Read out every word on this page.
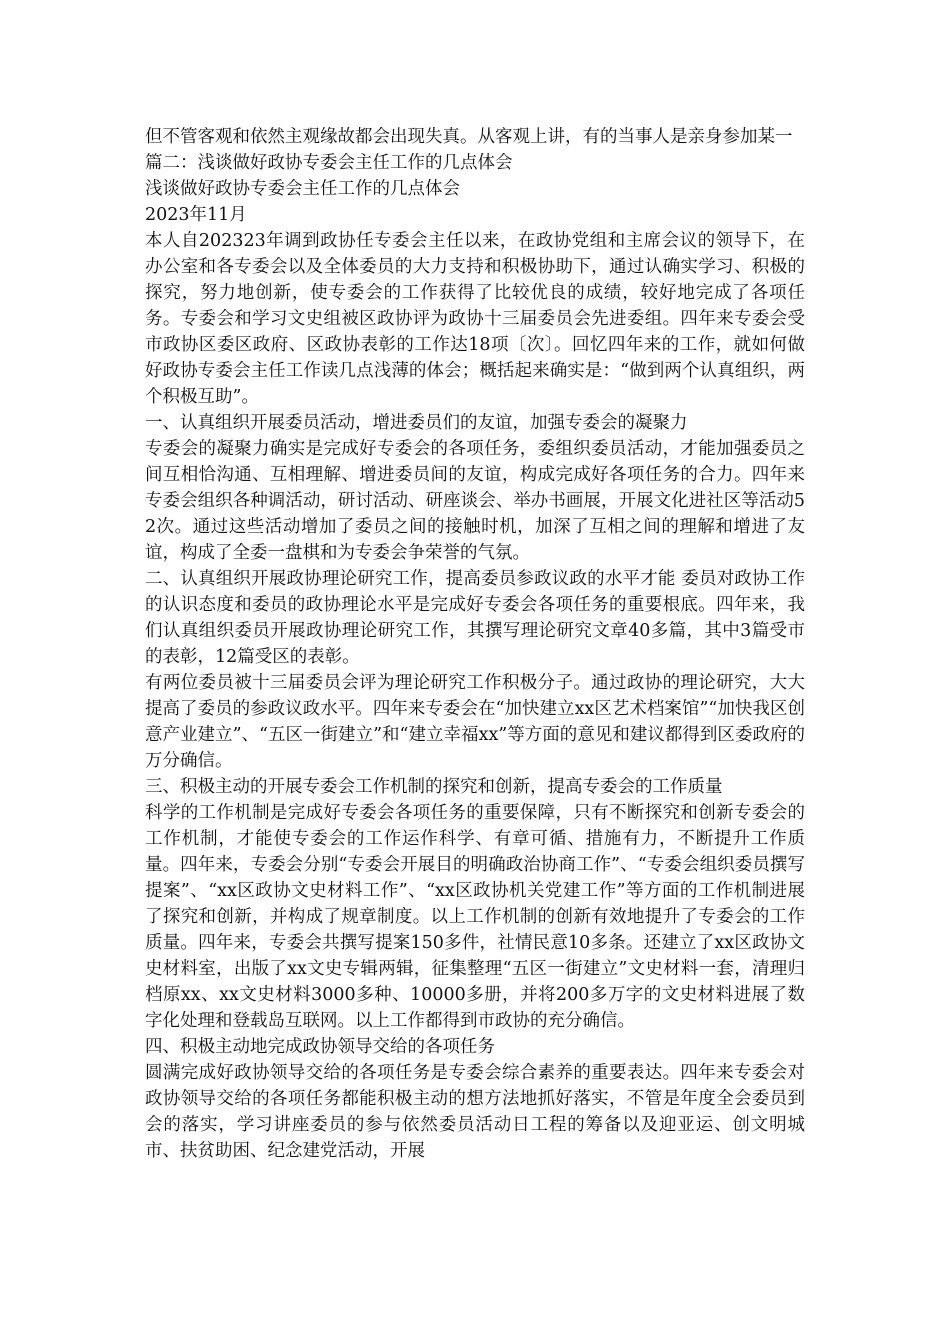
但不管客观和依然主观缘故都会出现失真。从客观上讲，有的当事人是亲身参加某一

篇二：浅谈做好政协专委会主任工作的几点体会

浅谈做好政协专委会主任工作的几点体会

2023年11月

本人自202323年调到政协任专委会主任以来，在政协党组和主席会议的领导下，在办公室和各专委会以及全体委员的大力支持和积极协助下，通过认确实学习、积极的探究，努力地创新，使专委会的工作获得了比较优良的成绩，较好地完成了各项任务。专委会和学习文史组被区政协评为政协十三届委员会先进委组。四年来专委会受市政协区委区政府、区政协表彰的工作达18项〔次〕。回忆四年来的工作，就如何做好政协专委会主任工作读几点浅薄的体会；概括起来确实是：“做到两个认真组织，两个积极互助”。

一、认真组织开展委员活动，增进委员们的友谊，加强专委会的凝聚力

专委会的凝聚力确实是完成好专委会的各项任务，委组织委员活动，才能加强委员之间互相恰沟通、互相理解、增进委员间的友谊，构成完成好各项任务的合力。四年来专委会组织各种调活动，研讨活动、研座谈会、举办书画展，开展文化进社区等活动52次。通过这些活动增加了委员之间的接触时机，加深了互相之间的理解和增进了友谊，构成了全委一盘棋和为专委会争荣誉的气氛。

二、认真组织开展政协理论研究工作，提高委员参政议政的水平才能 委员对政协工作的认识态度和委员的政协理论水平是完成好专委会各项任务的重要根底。四年来，我们认真组织委员开展政协理论研究工作，其撰写理论研究文章40多篇，其中3篇受市的表彰，12篇受区的表彰。

有两位委员被十三届委员会评为理论研究工作积极分子。通过政协的理论研究，大大提高了委员的参政议政水平。四年来专委会在“加快建立xx区艺术档案馆”“加快我区创意产业建立”、“五区一街建立”和“建立幸福xx”等方面的意见和建议都得到区委政府的万分确信。

三、积极主动的开展专委会工作机制的探究和创新，提高专委会的工作质量

科学的工作机制是完成好专委会各项任务的重要保障，只有不断探究和创新专委会的工作机制，才能使专委会的工作运作科学、有章可循、措施有力，不断提升工作质量。四年来，专委会分别“专委会开展目的明确政治协商工作”、“专委会组织委员撰写提案”、“xx区政协文史材料工作”、“xx区政协机关党建工作”等方面的工作机制进展了探究和创新，并构成了规章制度。以上工作机制的创新有效地提升了专委会的工作质量。四年来，专委会共撰写提案150多件，社情民意10多条。还建立了xx区政协文史材料室，出版了xx文史专辑两辑，征集整理“五区一街建立”文史材料一套，清理归档原xx、xx文史材料3000多种、10000多册，并将200多万字的文史材料进展了数字化处理和登载岛互联网。以上工作都得到市政协的充分确信。

四、积极主动地完成政协领导交给的各项任务

圆满完成好政协领导交给的各项任务是专委会综合素养的重要表达。四年来专委会对政协领导交给的各项任务都能积极主动的想方法地抓好落实，不管是年度全会委员到会的落实，学习讲座委员的参与依然委员活动日工程的筹备以及迎亚运、创文明城市、扶贫助困、纪念建党活动，开展
